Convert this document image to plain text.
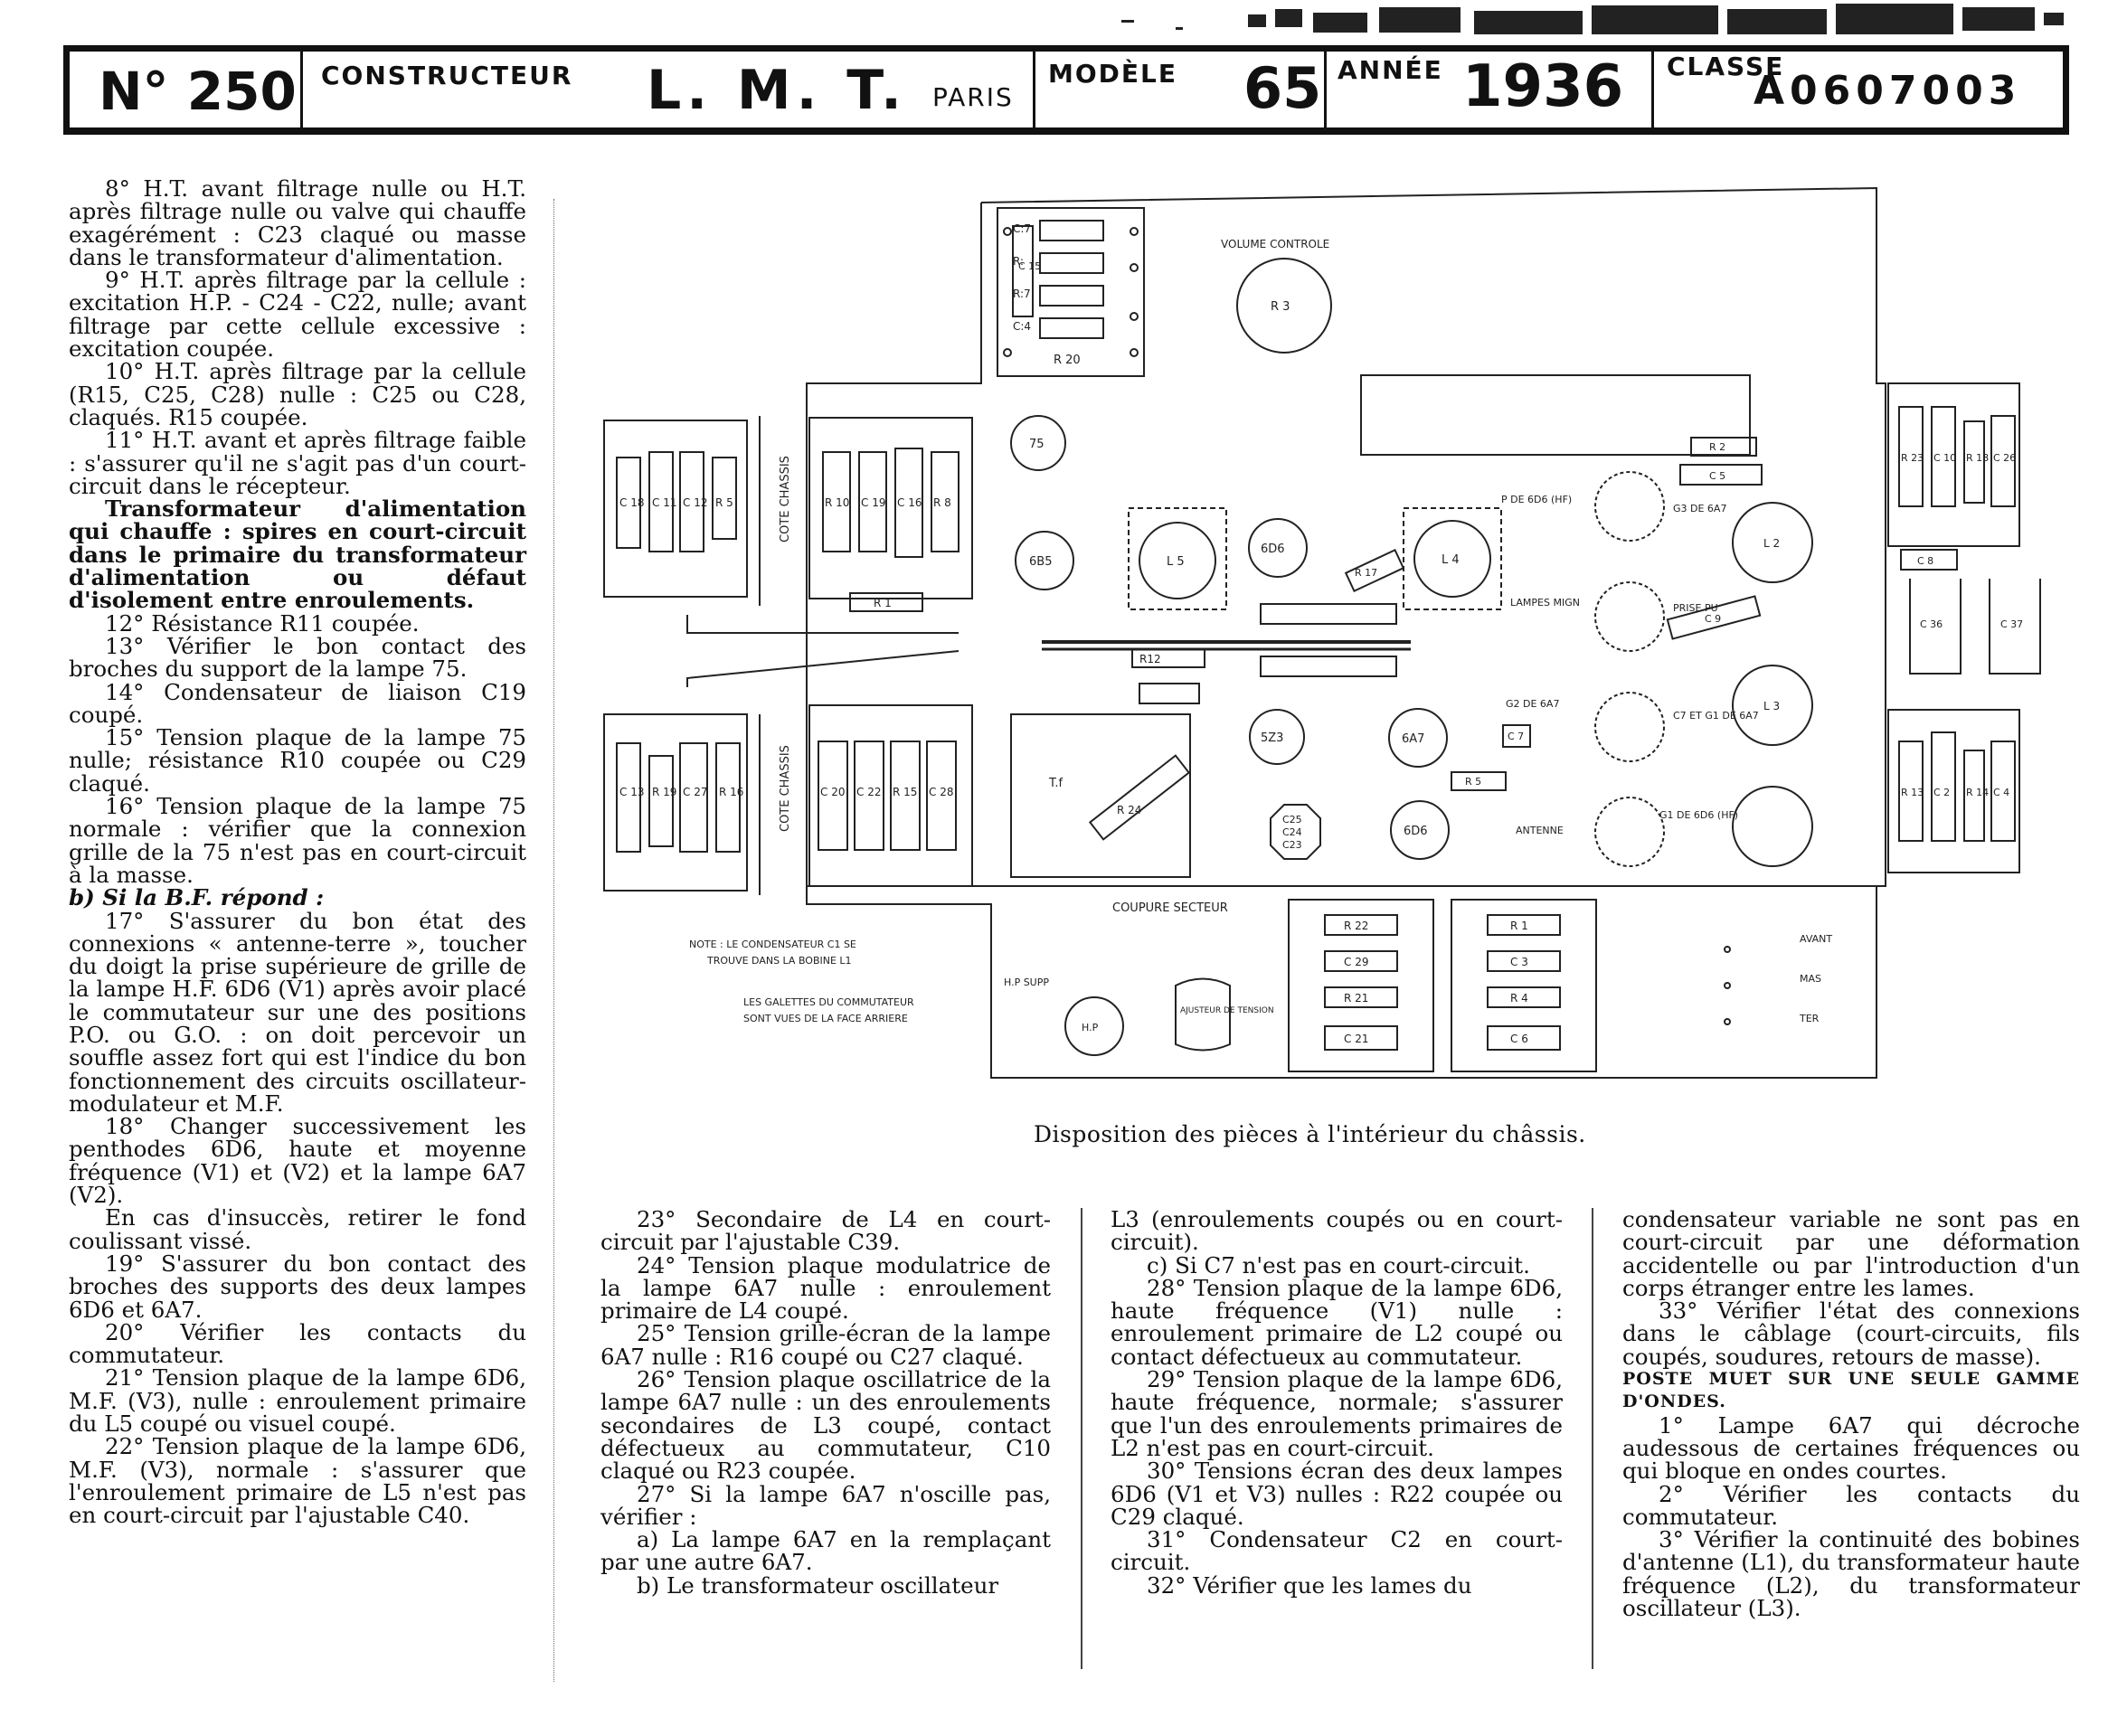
N° 250 CONSTRUCTEUR L. M. T. PARIS
MODÈLE 65 ANNÉE 1936 CLASSE
A0607003

8° H.T. avant filtrage nulle ou H.T. après filtrage nulle ou valve qui chauffe exagérément : C23 claqué ou masse dans le transformateur d'alimentation.

9° H.T. après filtrage par la cellule : excitation H.P. - C24 - C22, nulle; avant filtrage par cette cellule excessive : excitation coupée.

10° H.T. après filtrage par la cellule (R15, C25, C28) nulle : C25 ou C28, claqués. R15 coupée.

11° H.T. avant et après filtrage faible : s'assurer qu'il ne s'agit pas d'un court-circuit dans le récepteur.

Transformateur d'alimentation qui chauffe : spires en court-circuit dans le primaire du transformateur d'alimentation ou défaut d'isolement entre enroulements.

12° Résistance R11 coupée.

13° Vérifier le bon contact des broches du support de la lampe 75.

14° Condensateur de liaison C19 coupé.

15° Tension plaque de la lampe 75 nulle; résistance R10 coupée ou C29 claqué.

16° Tension plaque de la lampe 75 normale : vérifier que la connexion grille de la 75 n'est pas en court-circuit à la masse.

b) Si la B.F. répond :

17° S'assurer du bon état des connexions « antenne-terre », toucher du doigt la prise supérieure de grille de la lampe H.F. 6D6 (V1) après avoir placé le commutateur sur une des positions P.O. ou G.O. : on doit percevoir un souffle assez fort qui est l'indice du bon fonctionnement des circuits oscillateur-modulateur et M.F.

18° Changer successivement les penthodes 6D6, haute et moyenne fréquence (V1) et (V2) et la lampe 6A7 (V2).

En cas d'insuccès, retirer le fond coulissant vissé.

19° S'assurer du bon contact des broches des supports des deux lampes 6D6 et 6A7.

20° Vérifier les contacts du commutateur.

21° Tension plaque de la lampe 6D6, M.F. (V3), nulle : enroulement primaire du L5 coupé ou visuel coupé.

22° Tension plaque de la lampe 6D6, M.F. (V3), normale : s'assurer que l'enroulement primaire de L5 n'est pas en court-circuit par l'ajustable C40.

C:7
R:
R:7
C:4
C 15
R 20
VOLUME CONTROLE
R 3
COTE CHASSIS
COTE CHASSIS
C 18 C 11 C 12 R 5	R 10 C 19 C 16 R 8
R 1
C 13 R 19 C 27 R 16	C 20 C 22 R 15 C 28
75
6B5	L 5
6D6
L 4
5Z3	6A7
6D6
T.f
R 24
C25
C24
C23
R12
R 17
P DE 6D6 (HF)
G3 DE 6A7
LAMPES MIGN	PRISE PU
G2 DE 6A7
C7 ET G1 DE 6A7
G1 DE 6D6 (HF)
ANTENNE
C 7
R 5
R 2
C 5
C 9
L 2
L 3
R 23 C 10 R 18 C 26
C 8
C 36	C 37
R 13 C 2 R 14 C 4
R 22
C 29
R 21
C 21
R 1
C 3
R 4
C 6
COUPURE SECTEUR
NOTE : LE CONDENSATEUR C1 SE
TROUVE DANS LA BOBINE L1
LES GALETTES DU COMMUTATEUR
SONT VUES DE LA FACE ARRIERE
H.P SUPP
H.P
AJUSTEUR DE TENSION
AVANT
MAS
TER
Disposition des pièces à l'intérieur du châssis.

23° Secondaire de L4 en court-circuit par l'ajustable C39.

24° Tension plaque modulatrice de la lampe 6A7 nulle : enroulement primaire de L4 coupé.

25° Tension grille-écran de la lampe 6A7 nulle : R16 coupé ou C27 claqué.

26° Tension plaque oscillatrice de la lampe 6A7 nulle : un des enroulements secondaires de L3 coupé, contact défectueux au commutateur, C10 claqué ou R23 coupée.

27° Si la lampe 6A7 n'oscille pas, vérifier :

a) La lampe 6A7 en la remplaçant par une autre 6A7.

b) Le transformateur oscillateur

L3 (enroulements coupés ou en court-circuit).

c) Si C7 n'est pas en court-circuit.

28° Tension plaque de la lampe 6D6, haute fréquence (V1) nulle : enroulement primaire de L2 coupé ou contact défectueux au commutateur.

29° Tension plaque de la lampe 6D6, haute fréquence, normale; s'assurer que l'un des enroulements primaires de L2 n'est pas en court-circuit.

30° Tensions écran des deux lampes 6D6 (V1 et V3) nulles : R22 coupée ou C29 claqué.

31° Condensateur C2 en court-circuit.

32° Vérifier que les lames du

condensateur variable ne sont pas en court-circuit par une déformation accidentelle ou par l'introduction d'un corps étranger entre les lames.

33° Vérifier l'état des connexions dans le câblage (court-circuits, fils coupés, soudures, retours de masse).

POSTE MUET SUR UNE SEULE GAMME D'ONDES.

1° Lampe 6A7 qui décroche audessous de certaines fréquences ou qui bloque en ondes courtes.

2° Vérifier les contacts du commutateur.

3° Vérifier la continuité des bobines d'antenne (L1), du transformateur haute fréquence (L2), du transformateur oscillateur (L3).
